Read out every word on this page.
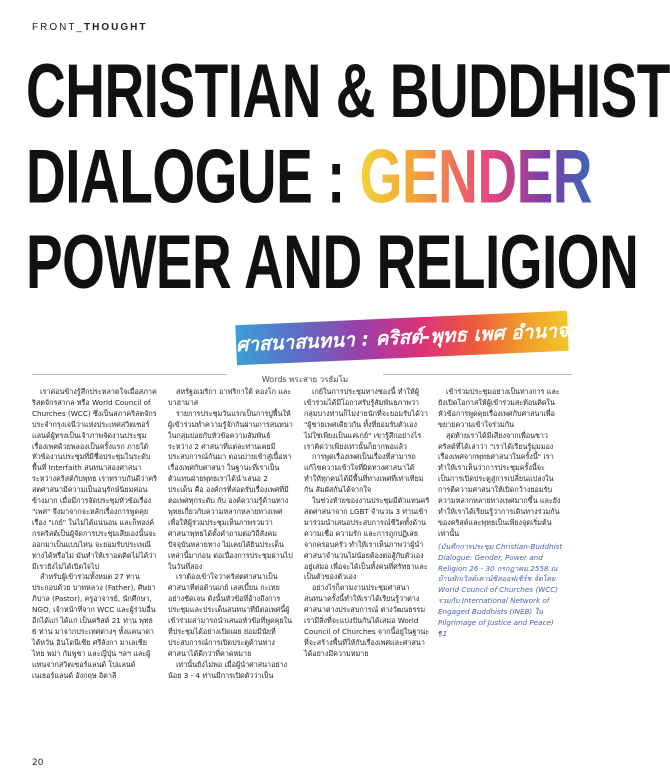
FRONT_THOUGHT
CHRISTIAN & BUDDHIST
DIALOGUE : GENDER
POWER AND RELIGION
ศาสนาสนทนา : คริสต์-พุทธ เพศ อำนาจ ศาสนา
Words พระสาย วรธัมโม

เราค่อนข้างรู้สึกประหลาดใจเมื่อสภาคริสตจักรสากล หรือ World Council of Churches (WCC) ซึ่งเป็นสภาคริสตจักรประจำกรุงเจนีวาแห่งประเทศสวิตเซอร์แลนด์ผู้ทรงเป็นเจ้าภาพจัดงานประชุมเรื่องเพศด้วยพลองเป็นครั้งแรก ภายใต้หัวข้องานประชุมที่มีชื่อประชุมในระดับพื้นที่ Interfaith สนทนาสองศาสนาระหว่างคริสต์กับพุทธ เราทราบกันดีว่าคริสตศาสนามีความเป็นอนุรักษ์นิยมค่อนข้างมาก เมื่อมีการจัดประชุมหัวข้อเรื่อง "เพศ" จึงมาจากจะหลักเรื่องการพูดคุยเรื่อง "เกย์" ในไม่ได้แน่นอน และก็ทองค์กรคริสต์เป็นผู้จัดการประชุมเสียเองนั้นจะออกมาเป็นแบบไหน จะยอมรับประเพณีทางได้หรือไม่ มันทำให้เราอดคิดไม่ได้ว่ามีเรายังไม่ได้เปิดใจไป

สำหรับผู้เข้าร่วมทั้งหมด 27 ท่านประกอบด้วย บาทหลวง (Father), ศิษยาภิบาล (Pastor), ครูอาจารย์, นักศึกษา, NGO, เจ้าหน้าที่จาก WCC และผู้ร่วมอื่นอีกได้แก่ ได้แก่ เป็นคริสต์ 21 ท่าน พุทธ 6 ท่าน มาจากประเทศต่างๆ ทั้งแคนาดา ไต้หวัน อินโดนีเซีย ศรีลังกา มาเลเซีย ไทย พม่า กัมพูชา และญี่ปุ่น ฯลฯ และผู้แทนจากสวิตเซอร์แลนด์ โปแลนด์ เนเธอร์แลนด์ อังกฤษ อิตาลี

สหรัฐอเมริกา อาฟริกาใต้ คองโก และบาฮามาส

รายการประชุมวันแรกเป็นการปูพื้นให้ผู้เข้าร่วมทำความรู้จักกันผ่านการสนทนาในกลุ่มย่อยกับหัวข้อความสัมพันธ์ระหว่าง 2 ศาสนาที่แต่ละท่านเคยมีประสบการณ์กันมา ตอนบ่ายเข้าสู่เนื้อหาเรื่องเพศกับศาสนา ในฐานะที่เราเป็นตัวแทนฝ่ายพุทธเราได้นำเสนอ 2 ประเด็น คือ องค์กรที่สอดรับเรื่องเพศที่มีต่อเพศทุกระดับ กับ องค์ความรู้ด้านทางพุทธเกี่ยวกับความหลากหลายทางเพศ เพื่อให้ผู้ร่วมประชุมเห็นภาพรวมว่าศาสนาพุทธได้ตั้งคำถามต่อวิถีสังคมปัจจุบันหลายทาง ไม่เคยได้ยินประเด็นเหล่านี้มาก่อน ต่อเนื่องการประชุมผ่านไปในวันที่สอง

เราต้องเข้าใจว่าคริสตศาสนาเป็นศาสนาที่ต่อต้านเกย์ เลสเบี้ยน กะเทยอย่างชัดเจน ดังนั้นหัวข้อที่อ้างถึงการประชุมและประเด็นสนทนาที่มีต่อเพศนี้ผู้เข้าร่วมสามารถนำเสนอหัวข้อที่พูดคุยในที่ประชุมได้อย่างเปิดเผย ย่อมมีนัยที่ประสบการณ์การเปิดประตูด้านทางศาสนาได้ดีกว่าที่คาดหมาย

เท่านั้นยังไม่พอ เมื่อผู้นำศาสนาอย่างน้อย 3 - 4 ท่านมีการเปิดตัวว่าเป็น

เกย์ในการประชุมทางช่องนี้ ทำให้ผู้เข้าร่วมได้มีโอกาสรับรู้สัมพันธภาพว่ากลุ่มบางท่านก็ไม่ง่ายนักที่จะยอมรับได้ว่า "ผู้ชายเพศเดียวกัน ทั้งที่ยอมรับตัวเองไม่ใช่เพียงเป็นแค่เกย์" เขารู้สึกอย่างไร เราคิดว่าเพียงเท่านั้นก็ยากพอแล้ว

การพูดเรื่องเพศเป็นเรื่องที่สามารถแก้ไขความเข้าใจที่ผิดทางศาสนาได้ ทำให้ทุกคนได้มีพื้นที่ทางเพศที่เท่าเทียมกัน สัมผัสกันได้จากใจ

ในช่วงท้ายของงานประชุมมีตัวแทนคริสตศาสนาจาก LGBT จำนวน 3 ท่านเข้ามาร่วมนำเสนอประสบการณ์ชีวิตทั้งด้านความเชื่อ ความรัก และการถูกปฏิเสธจากครอบครัว ทำให้เราเห็นภาพว่าผู้นำศาสนาจำนวนไม่น้อยต้องต่อสู้กับตัวเองอยู่เสมอ เพื่อจะได้เป็นทั้งคนที่ศรัทธาและเป็นตัวของตัวเอง

อย่างไรก็ตามงานประชุมศาสนาสนทนาครั้งนี้ทำให้เราได้เรียนรู้ว่าต่างศาสนาต่างประสบการณ์ ต่างวัฒนธรรม เรามีสิ่งที่จะแบ่งปันกันได้เสมอ World Council of Churches จากนี้อยู่ในฐานะที่จะสร้างพื้นที่ให้กับเรื่องเพศและศาสนาได้อย่างมีความหมาย

เข้าร่วมประชุมอย่างเป็นทางการ และยังเปิดโอกาสให้ผู้เข้าร่วมสะท้อนคิดในหัวข้อการพูดคุยเรื่องเพศกับศาสนาเพื่อขยายความเข้าใจร่วมกัน

สุดท้ายเราได้มีเสียงจากเพื่อนชาวคริสต์ที่ได้เล่าว่า "เราได้เรียนรู้มุมมองเรื่องเพศจากพุทธศาสนาในครั้งนี้" เราทำให้เราเห็นว่าการประชุมครั้งนี้จะเป็นการเปิดประตูสู่การเปลี่ยนแปลงในการตีความศาสนาให้เปิดกว้างยอมรับความหลากหลายทางเพศมากขึ้น และยังทำให้เราได้เรียนรู้ว่าการเดินทางร่วมกันของคริสต์และพุทธเป็นเพียงจุดเริ่มต้นเท่านั้น

(บันทึกการประชุม Christian-Buddhist Dialogue: Gender, Power and Religion 26 - 30 กรกฎาคม 2558 ณ บ้านพักเวิลด์เคาน์ซิลออฟเชิร์ช จัดโดย World Council of Churches (WCC) ร่วมกับ International Network of Engaged Buddhists (INEB) ใน Pilgrimage of Justice and Peace) ¶1
20
